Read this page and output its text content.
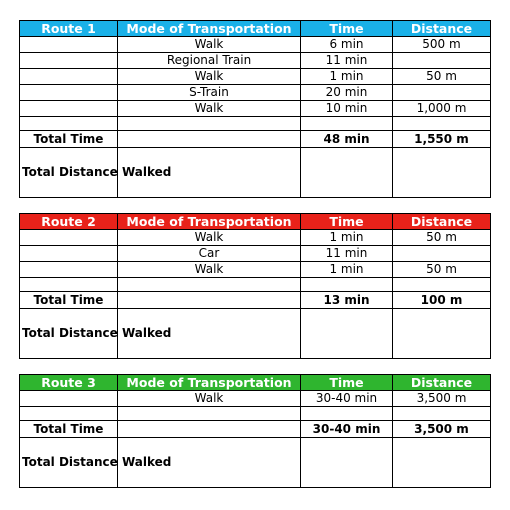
Route 1	Mode of Transportation	Time	Distance
	Walk	6 min	500 m
	Regional Train	11 min	
	Walk	1 min	50 m
	S-Train	20 min	
	Walk	10 min	1,000 m

Total Time		48 min	1,550 m
Total Distance Walked			
Route 2	Mode of Transportation	Time	Distance
	Walk	1 min	50 m
	Car	11 min	
	Walk	1 min	50 m

Total Time		13 min	100 m
Total Distance Walked			
Route 3	Mode of Transportation	Time	Distance
	Walk	30-40 min	3,500 m

Total Time		30-40 min	3,500 m
Total Distance Walked			
